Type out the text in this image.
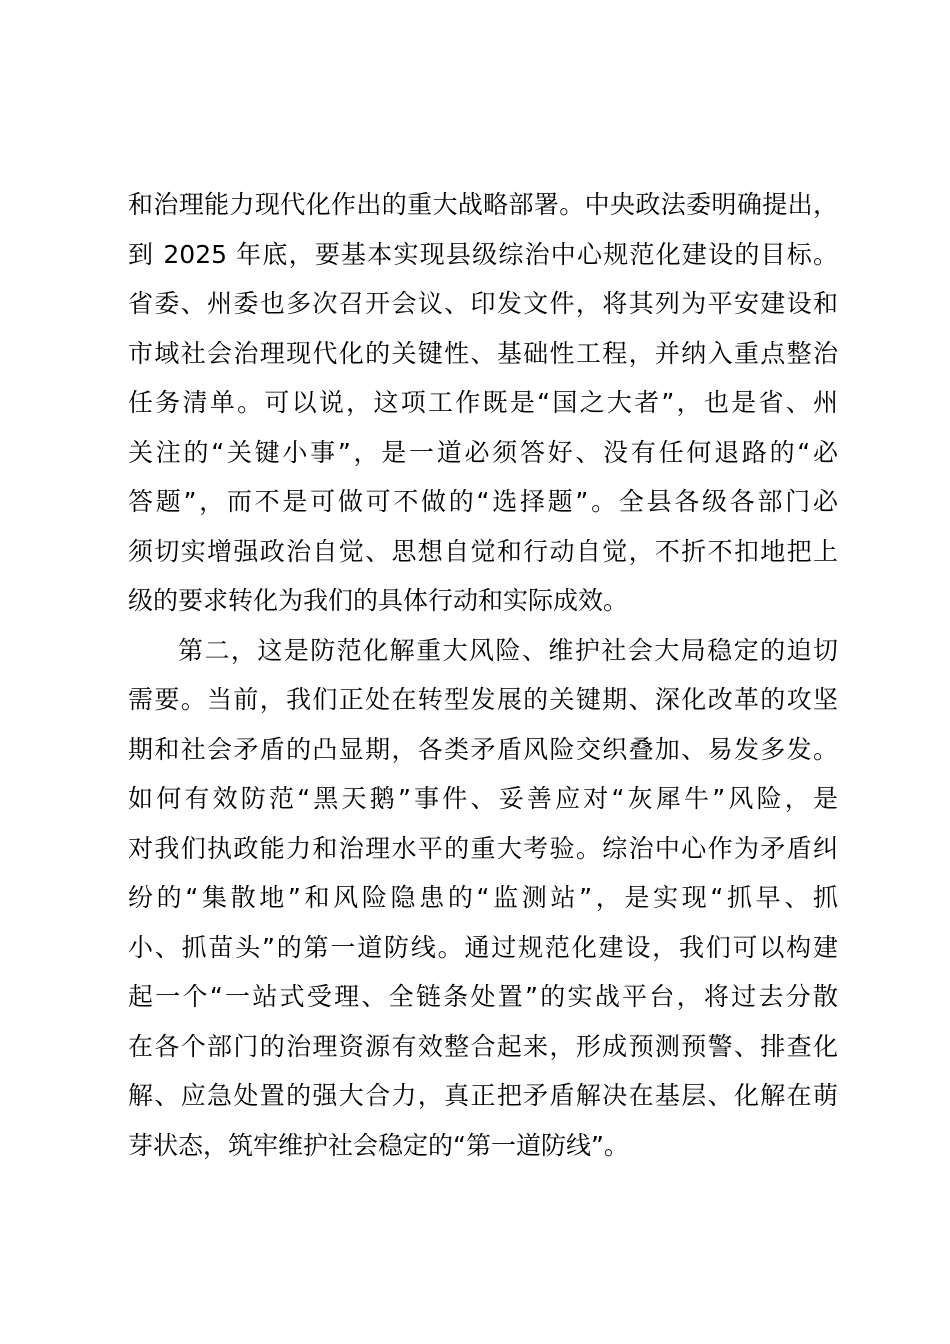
和治理能力现代化作出的重大战略部署。中央政法委明确提出，
到 2025 年底，要基本实现县级综治中心规范化建设的目标。
省委、州委也多次召开会议、印发文件，将其列为平安建设和
市域社会治理现代化的关键性、基础性工程，并纳入重点整治
任务清单。可以说，这项工作既是“国之大者”，也是省、州
关注的“关键小事”，是一道必须答好、没有任何退路的“必
答题”，而不是可做可不做的“选择题”。全县各级各部门必
须切实增强政治自觉、思想自觉和行动自觉，不折不扣地把上
级的要求转化为我们的具体行动和实际成效。
第二，这是防范化解重大风险、维护社会大局稳定的迫切
需要。当前，我们正处在转型发展的关键期、深化改革的攻坚
期和社会矛盾的凸显期，各类矛盾风险交织叠加、易发多发。
如何有效防范“黑天鹅”事件、妥善应对“灰犀牛”风险，是
对我们执政能力和治理水平的重大考验。综治中心作为矛盾纠
纷的“集散地”和风险隐患的“监测站”，是实现“抓早、抓
小、抓苗头”的第一道防线。通过规范化建设，我们可以构建
起一个“一站式受理、全链条处置”的实战平台，将过去分散
在各个部门的治理资源有效整合起来，形成预测预警、排查化
解、应急处置的强大合力，真正把矛盾解决在基层、化解在萌
芽状态，筑牢维护社会稳定的“第一道防线”。
